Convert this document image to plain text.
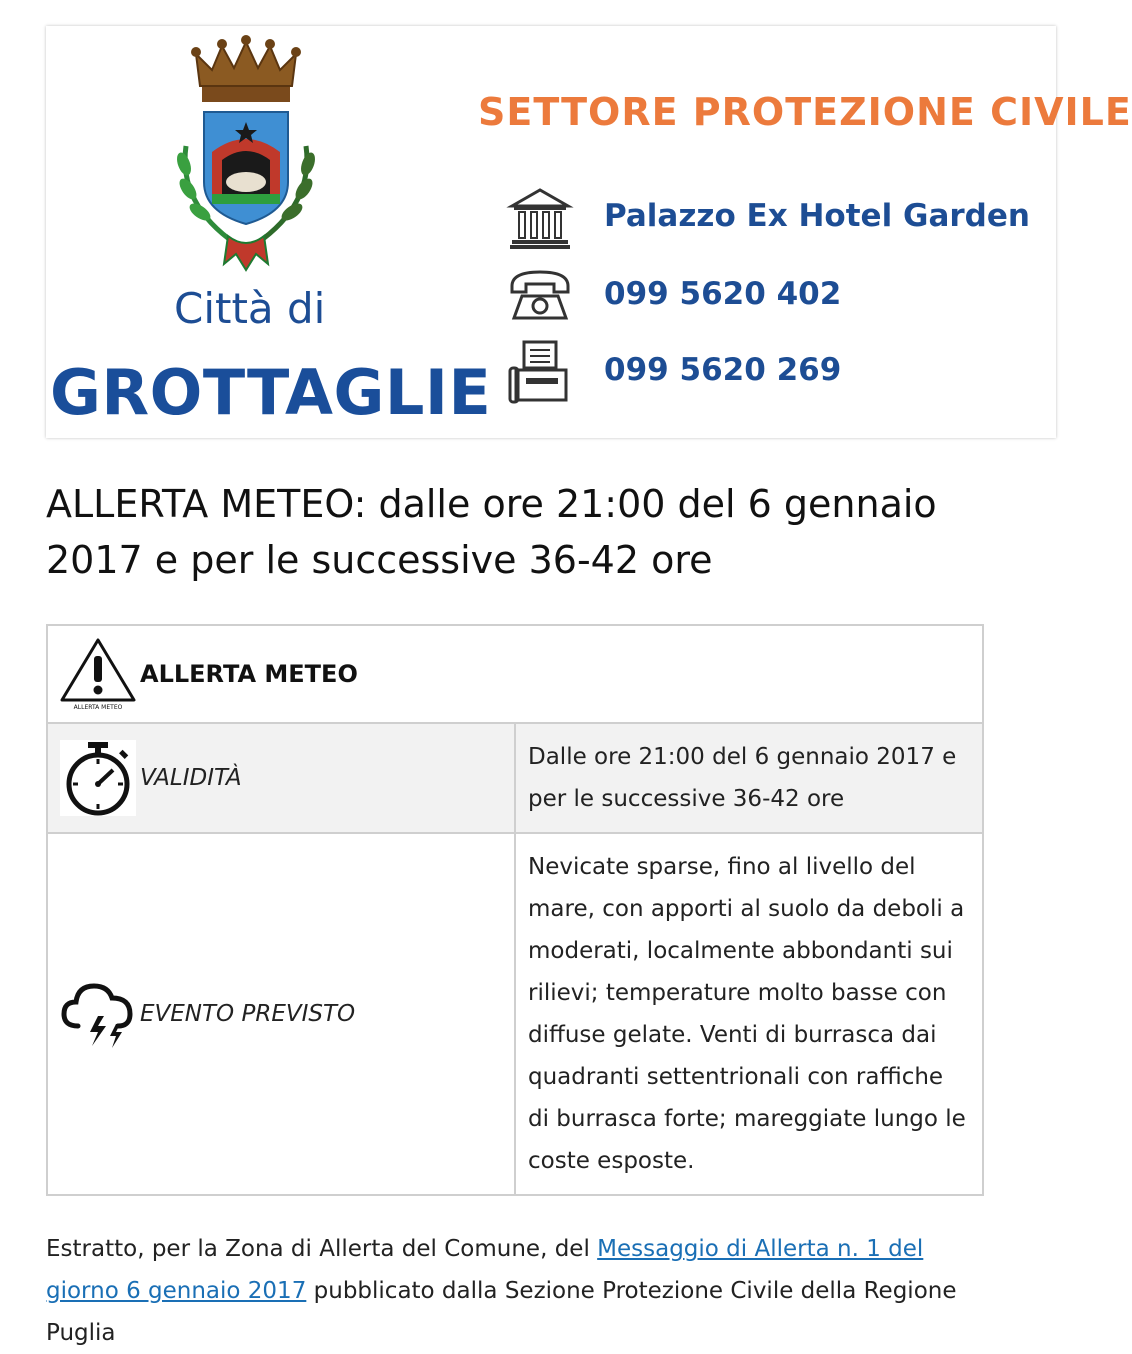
Città di
GROTTAGLIE
SETTORE PROTEZIONE CIVILE
Palazzo Ex Hotel Garden
099 5620 402
099 5620 269
ALLERTA METEO: dalle ore 21:00 del 6 gennaio 2017 e per le successive 36-42 ore
ALLERTA METEO
ALLERTA METEO	

VALIDITÀ	Dalle ore 21:00 del 6 gennaio 2017 e per le successive 36-42 ore

EVENTO PREVISTO	Nevicate sparse, fino al livello del mare, con apporti al suolo da deboli a moderati, localmente abbondanti sui rilievi; temperature molto basse con diffuse gelate. Venti di burrasca dai quadranti settentrionali con raffiche di burrasca forte; mareggiate lungo le coste esposte.

Estratto, per la Zona di Allerta del Comune, del Messaggio di Allerta n. 1 del giorno 6 gennaio 2017 pubblicato dalla Sezione Protezione Civile della Regione Puglia
